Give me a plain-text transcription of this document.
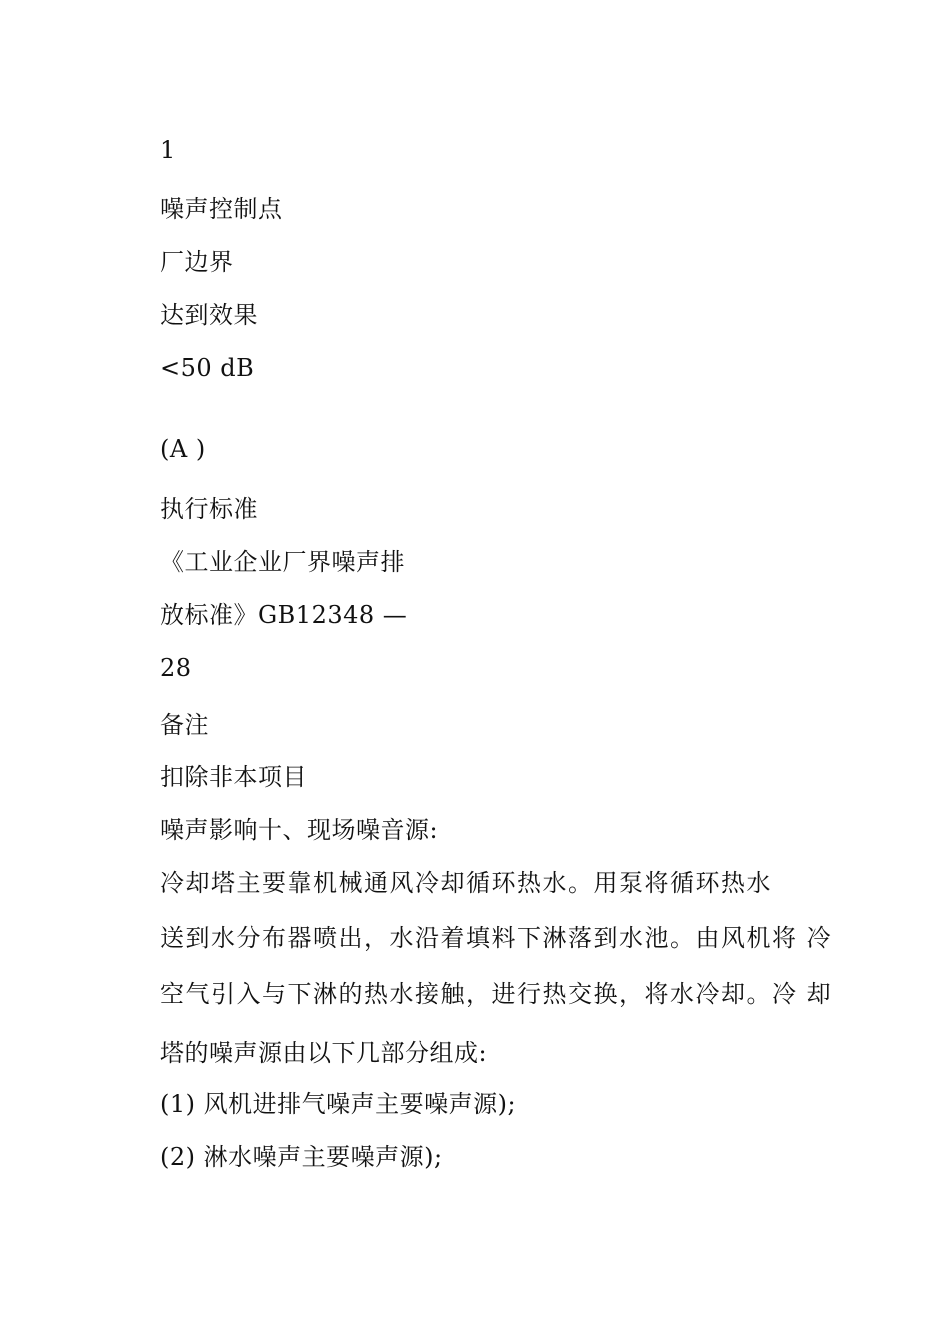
1
噪声控制点
厂边界
达到效果
<50 dB
(A )
执行标准
《工业企业厂界噪声排
放标准》GB12348 —
28
备注
扣除非本项目
噪声影响十、现场噪音源:
冷却塔主要靠机械通风冷却循环热水。用泵将循环热水
送到水分布器喷出，水沿着填料下淋落到水池。由风机将 冷
空气引入与下淋的热水接触，进行热交换，将水冷却。冷 却
塔的噪声源由以下几部分组成:
(1) 风机进排气噪声主要噪声源);
(2) 淋水噪声主要噪声源);
